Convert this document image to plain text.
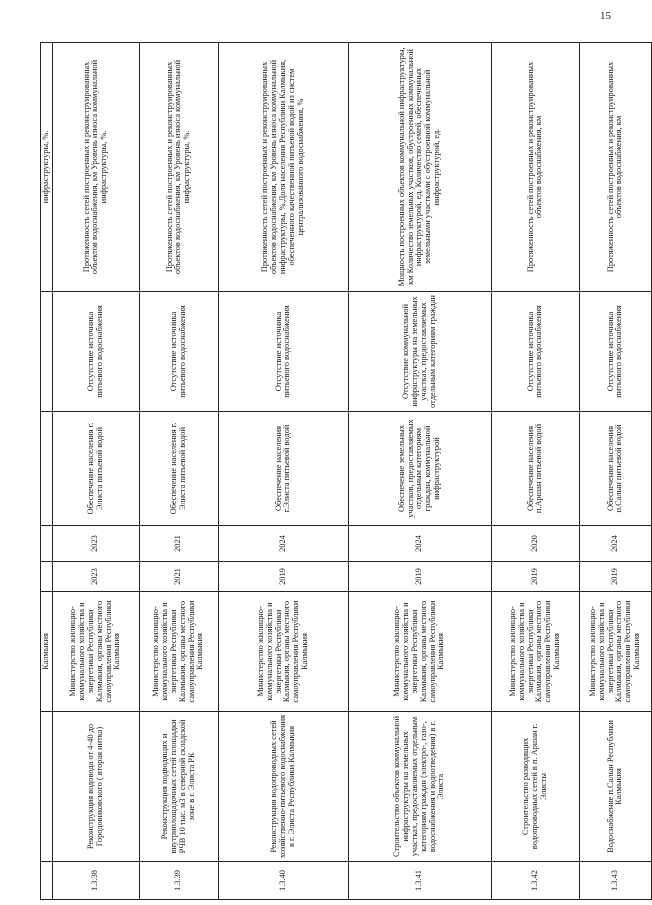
15
		Калмыкия					инфраструктуры, %.
1.3.38	Реконструкция водовода от 4-40 до Городовиковского ( вторая нитка)	Министерство жилищно-коммунального хозяйства и энергетики Республики Калмыкия, органы местного самоуправления Республики Калмыкия	2023	2023	Обеспечение населения г. Элиста питьевой водой	Отсутствие источника питьевого водоснабжения	Протяженность сетей построенных и реконструированных объектов водоснабжения, км Уровень износа коммунальной инфраструктуры, %.
1.3.39	Реконструкция подводящих и внутриплощадочных сетей площадки РЧВ 10 тыс. м3 в северной складской зоне в г. Элиста РК	Министерство жилищно-коммунального хозяйства и энергетики Республики Калмыкия, органы местного самоуправления Республики Калмыкия	2021	2021	Обеспечение населения г. Элиста питьевой водой	Отсутствие источника питьевого водоснабжения	Протяженность сетей построенных и реконструированных объектов водоснабжения, км Уровень износа коммунальной инфраструктуры, %.
1.3.40	Реконструкция водопроводных сетей хозяйственно-питьевого водоснабжения в г. Элиста Республики Калмыкия	Министерство жилищно-коммунального хозяйства и энергетики Республики Калмыкия, органы местного самоуправления Республики Калмыкия	2019	2024	Обеспечение населения г.Элиста питьевой водой	Отсутствие источника питьевого водоснабжения	Протяженность сетей построенных и реконструированных объектов водоснабжения, км Уровень износа коммунальной инфраструктуры, %.Доля населения Республики Калмыкия, обеспеченного качественной питьевой водой из систем централизованного водоснабжения, %
1.3.41	Строительство объектов коммунальной инфраструктуры на земельных участках, предоставляемых отдельным категориям граждан (электро-, газо-, водоснабжения и водоотведения) в г. Элиста	Министерство жилищно-коммунального хозяйства и энергетики Республики Калмыкия, органы местного самоуправления Республики Калмыкия	2019	2024	Обеспечение земельных участков, предоставляемых отдельным категориям граждан, коммунальной инфраструктурой	Отсутствие коммунальной инфраструктуры на земельных участках, предоставляемых отдельным категориям граждан	Мощность построенных объектов коммунальной инфраструктуры, км Количество земельных участков, обустроенных коммунальной инфраструктурой, ед. Количество семей, обеспеченных земельными участками с обустроенной коммунальной инфраструктурой, ед.
1.3.42	Строительство разводящих водопроводных сетей в п. Аршан г. Элисты	Министерство жилищно-коммунального хозяйства и энергетики Республики Калмыкия, органы местного самоуправления Республики Калмыкия	2019	2020	Обеспечение населения п.Аршан питьевой водой	Отсутствие источника питьевого водоснабжения	Протяженность сетей построенных и реконструированных объектов водоснабжения, км
1.3.43	Водоснабжение п.Салын Республики Калмыкия	Министерство жилищно-коммунального хозяйства и энергетики Республики Калмыкия, органы местного самоуправления Республики Калмыкия	2019	2024	Обеспечение населения п.Салын питьевой водой	Отсутствие источника питьевого водоснабжения	Протяженность сетей построенных и реконструированных объектов водоснабжения, км
